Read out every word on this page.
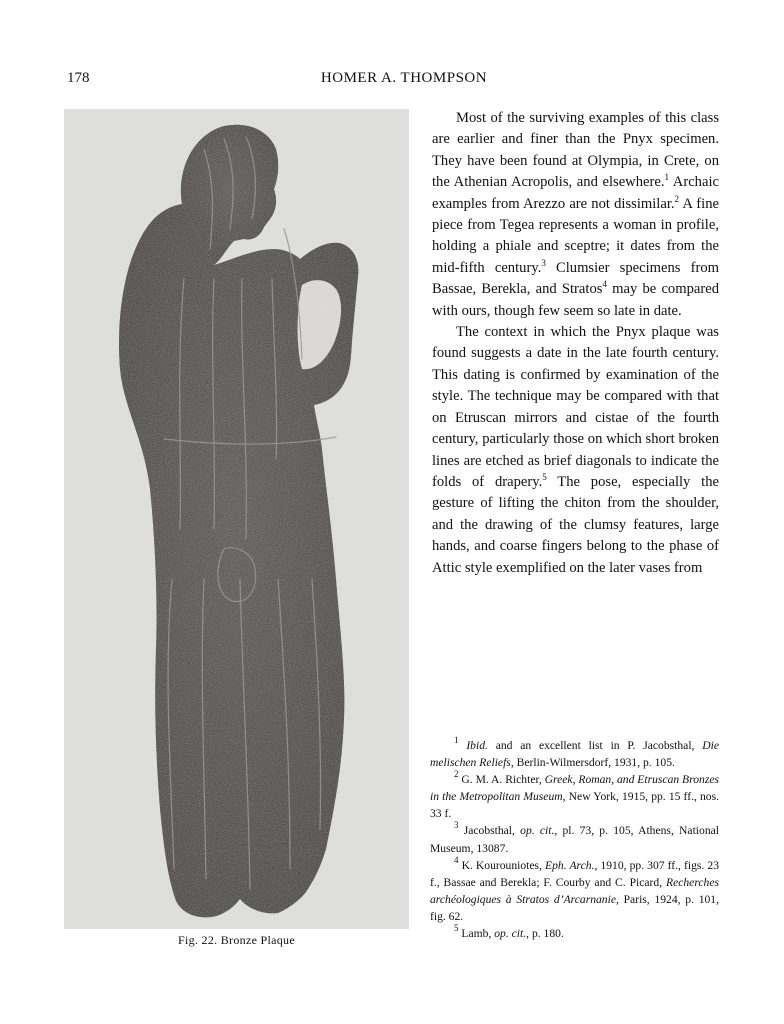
178	HOMER A. THOMPSON
Fig. 22. Bronze Plaque

Most of the surviving examples of this class are earlier and finer than the Pnyx specimen. They have been found at Olympia, in Crete, on the Athenian Acropolis, and elsewhere.$^1$ Archaic examples from Arezzo are not dissimilar.$^2$ A fine piece from Tegea represents a woman in profile, holding a phiale and sceptre; it dates from the mid-fifth century.$^3$ Clumsier specimens from Bassae, Berekla, and Stratos$^4$ may be compared with ours, though few seem so late in date.

The context in which the Pnyx plaque was found suggests a date in the late fourth century. This dating is confirmed by examination of the style. The technique may be compared with that on Etruscan mirrors and cistae of the fourth century, particularly those on which short broken lines are etched as brief diagonals to indicate the folds of drapery.$^5$ The pose, especially the gesture of lifting the chiton from the shoulder, and the drawing of the clumsy features, large hands, and coarse fingers belong to the phase of Attic style exemplified on the later vases from

$^1$ Ibid. and an excellent list in P. Jacobsthal, Die melischen Reliefs, Berlin-Wilmersdorf, 1931, p. 105.
$^2$ G. M. A. Richter, Greek, Roman, and Etruscan Bronzes in the Metropolitan Museum, New York, 1915, pp. 15 ff., nos. 33 f.
$^3$ Jacobsthal, op. cit., pl. 73, p. 105, Athens, National Museum, 13087.
$^4$ K. Kourouniotes, Eph. Arch., 1910, pp. 307 ff., figs. 23 f., Bassae and Berekla; F. Courby and C. Picard, Recherches archéologiques à Stratos d’Arcarnanie, Paris, 1924, p. 101, fig. 62.
$^5$ Lamb, op. cit., p. 180.
